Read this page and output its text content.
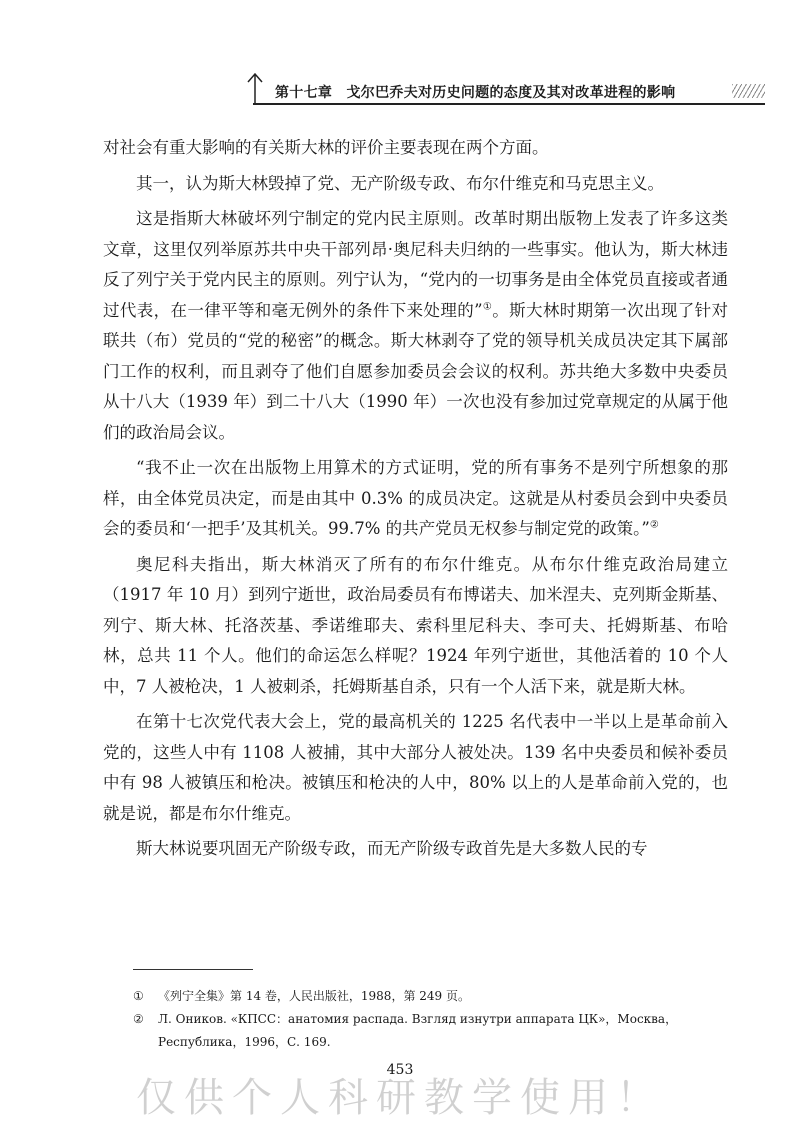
第十七章　戈尔巴乔夫对历史问题的态度及其对改革进程的影响

对社会有重大影响的有关斯大林的评价主要表现在两个方面。

其一，认为斯大林毁掉了党、无产阶级专政、布尔什维克和马克思主义。

这是指斯大林破坏列宁制定的党内民主原则。改革时期出版物上发表了许多这类文章，这里仅列举原苏共中央干部列昂·奥尼科夫归纳的一些事实。他认为，斯大林违反了列宁关于党内民主的原则。列宁认为，“党内的一切事务是由全体党员直接或者通过代表，在一律平等和毫无例外的条件下来处理的”①。斯大林时期第一次出现了针对联共（布）党员的“党的秘密”的概念。斯大林剥夺了党的领导机关成员决定其下属部门工作的权利，而且剥夺了他们自愿参加委员会会议的权利。苏共绝大多数中央委员从十八大（1939 年）到二十八大（1990 年）一次也没有参加过党章规定的从属于他们的政治局会议。

“我不止一次在出版物上用算术的方式证明，党的所有事务不是列宁所想象的那样，由全体党员决定，而是由其中 0.3% 的成员决定。这就是从村委员会到中央委员会的委员和‘一把手’及其机关。99.7% 的共产党员无权参与制定党的政策。”②

奥尼科夫指出，斯大林消灭了所有的布尔什维克。从布尔什维克政治局建立（1917 年 10 月）到列宁逝世，政治局委员有布博诺夫、加米涅夫、克列斯金斯基、列宁、斯大林、托洛茨基、季诺维耶夫、索科里尼科夫、李可夫、托姆斯基、布哈林，总共 11 个人。他们的命运怎么样呢？1924 年列宁逝世，其他活着的 10 个人中，7 人被枪决，1 人被刺杀，托姆斯基自杀，只有一个人活下来，就是斯大林。

在第十七次党代表大会上，党的最高机关的 1225 名代表中一半以上是革命前入党的，这些人中有 1108 人被捕，其中大部分人被处决。139 名中央委员和候补委员中有 98 人被镇压和枪决。被镇压和枪决的人中，80% 以上的人是革命前入党的，也就是说，都是布尔什维克。

斯大林说要巩固无产阶级专政，而无产阶级专政首先是大多数人民的专

① 《列宁全集》第 14 卷，人民出版社，1988，第 249 页。
② Л. Оников. «КПСС：анатомия распада. Взгляд изнутри аппарата ЦК»，Москва，Республика，1996，С. 169.
453
仅供个人科研教学使用！
